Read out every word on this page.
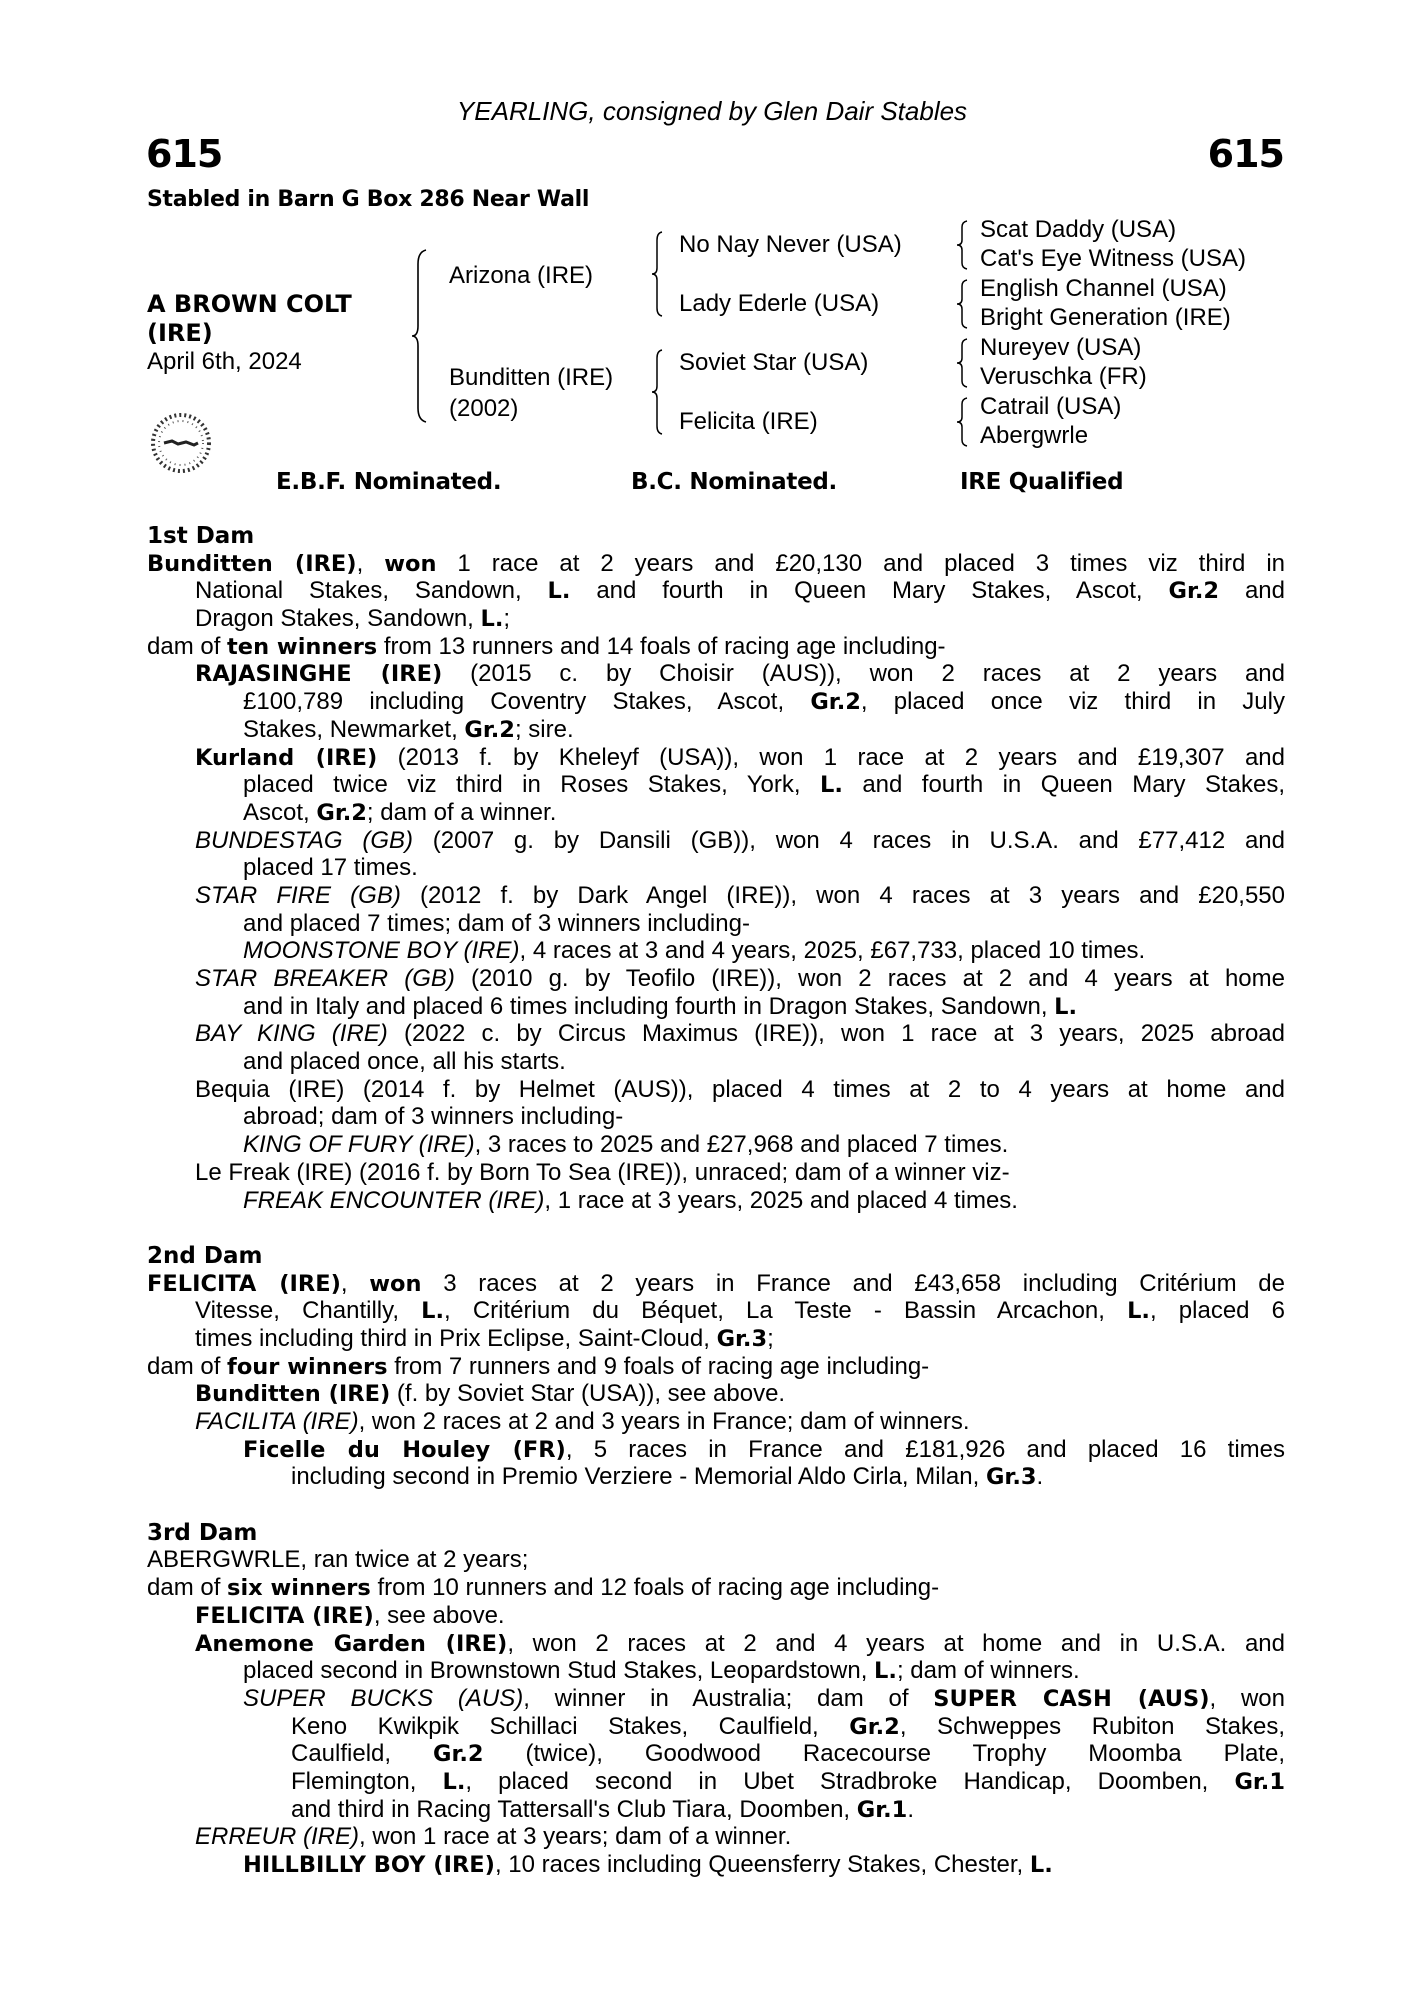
YEARLING, consigned by Glen Dair Stables
615	615
Stabled in Barn G Box 286 Near Wall
A BROWN COLT
(IRE)
April 6th, 2024
Arizona (IRE)
Bunditten (IRE)
(2002)
No Nay Never (USA)
Lady Ederle (USA)
Soviet Star (USA)
Felicita (IRE)
Scat Daddy (USA)
Cat's Eye Witness (USA)
English Channel (USA)
Bright Generation (IRE)
Nureyev (USA)
Veruschka (FR)
Catrail (USA)
Abergwrle
E.B.F. Nominated.	B.C. Nominated.	IRE Qualified
1st Dam
Bunditten (IRE), won 1 race at 2 years and £20,130 and placed 3 times viz third in
National Stakes, Sandown, L. and fourth in Queen Mary Stakes, Ascot, Gr.2 and
Dragon Stakes, Sandown, L.;
dam of ten winners from 13 runners and 14 foals of racing age including-
RAJASINGHE (IRE) (2015 c. by Choisir (AUS)), won 2 races at 2 years and
£100,789 including Coventry Stakes, Ascot, Gr.2, placed once viz third in July
Stakes, Newmarket, Gr.2; sire.
Kurland (IRE) (2013 f. by Kheleyf (USA)), won 1 race at 2 years and £19,307 and
placed twice viz third in Roses Stakes, York, L. and fourth in Queen Mary Stakes,
Ascot, Gr.2; dam of a winner.
BUNDESTAG (GB) (2007 g. by Dansili (GB)), won 4 races in U.S.A. and £77,412 and
placed 17 times.
STAR FIRE (GB) (2012 f. by Dark Angel (IRE)), won 4 races at 3 years and £20,550
and placed 7 times; dam of 3 winners including-
MOONSTONE BOY (IRE), 4 races at 3 and 4 years, 2025, £67,733, placed 10 times.
STAR BREAKER (GB) (2010 g. by Teofilo (IRE)), won 2 races at 2 and 4 years at home
and in Italy and placed 6 times including fourth in Dragon Stakes, Sandown, L.
BAY KING (IRE) (2022 c. by Circus Maximus (IRE)), won 1 race at 3 years, 2025 abroad
and placed once, all his starts.
Bequia (IRE) (2014 f. by Helmet (AUS)), placed 4 times at 2 to 4 years at home and
abroad; dam of 3 winners including-
KING OF FURY (IRE), 3 races to 2025 and £27,968 and placed 7 times.
Le Freak (IRE) (2016 f. by Born To Sea (IRE)), unraced; dam of a winner viz-
FREAK ENCOUNTER (IRE), 1 race at 3 years, 2025 and placed 4 times.
2nd Dam
FELICITA (IRE), won 3 races at 2 years in France and £43,658 including Critérium de
Vitesse, Chantilly, L., Critérium du Béquet, La Teste - Bassin Arcachon, L., placed 6
times including third in Prix Eclipse, Saint-Cloud, Gr.3;
dam of four winners from 7 runners and 9 foals of racing age including-
Bunditten (IRE) (f. by Soviet Star (USA)), see above.
FACILITA (IRE), won 2 races at 2 and 3 years in France; dam of winners.
Ficelle du Houley (FR), 5 races in France and £181,926 and placed 16 times
including second in Premio Verziere - Memorial Aldo Cirla, Milan, Gr.3.
3rd Dam
ABERGWRLE, ran twice at 2 years;
dam of six winners from 10 runners and 12 foals of racing age including-
FELICITA (IRE), see above.
Anemone Garden (IRE), won 2 races at 2 and 4 years at home and in U.S.A. and
placed second in Brownstown Stud Stakes, Leopardstown, L.; dam of winners.
SUPER BUCKS (AUS), winner in Australia; dam of SUPER CASH (AUS), won
Keno Kwikpik Schillaci Stakes, Caulfield, Gr.2, Schweppes Rubiton Stakes,
Caulfield, Gr.2 (twice), Goodwood Racecourse Trophy Moomba Plate,
Flemington, L., placed second in Ubet Stradbroke Handicap, Doomben, Gr.1
and third in Racing Tattersall's Club Tiara, Doomben, Gr.1.
ERREUR (IRE), won 1 race at 3 years; dam of a winner.
HILLBILLY BOY (IRE), 10 races including Queensferry Stakes, Chester, L.
